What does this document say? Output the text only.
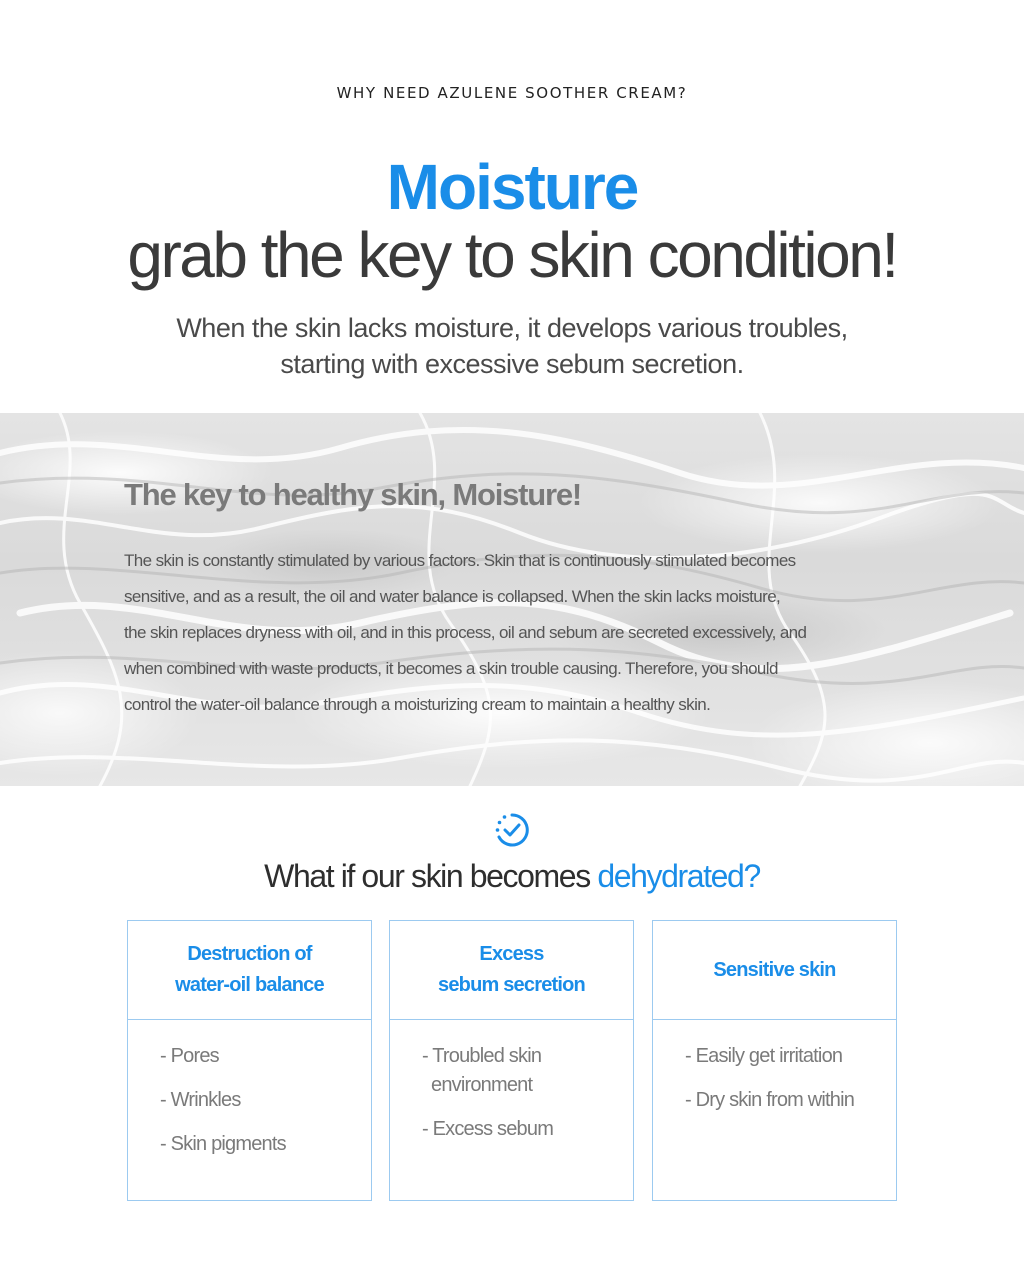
WHY NEED AZULENE SOOTHER CREAM?
Moisture
grab the key to skin condition!
When the skin lacks moisture, it develops various troubles,
starting with excessive sebum secretion.
The key to healthy skin, Moisture!
The skin is constantly stimulated by various factors. Skin that is continuously stimulated becomes
sensitive, and as a result, the oil and water balance is collapsed. When the skin lacks moisture,
the skin replaces dryness with oil, and in this process, oil and sebum are secreted excessively, and
when combined with waste products, it becomes a skin trouble causing. Therefore, you should
control the water-oil balance through a moisturizing cream to maintain a healthy skin.
What if our skin becomes dehydrated?
Destruction of
water-oil balance
- Pores
- Wrinkles
- Skin pigments
Excess
sebum secretion
- Troubled skin
environment
- Excess sebum
Sensitive skin
- Easily get irritation
- Dry skin from within
